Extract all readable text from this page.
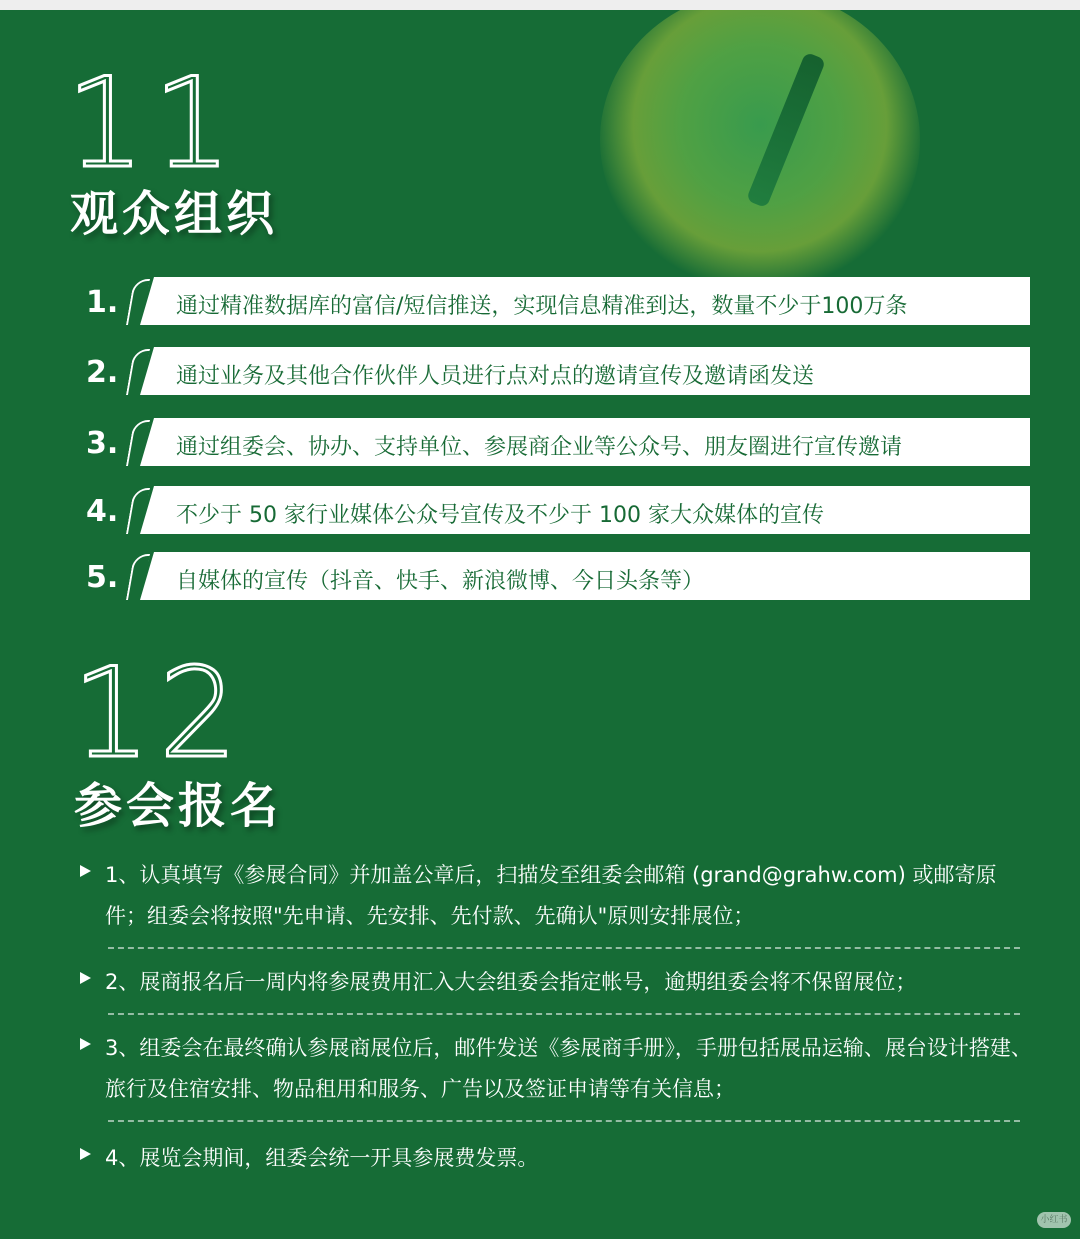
11
观众组织
1.	通过精准数据库的富信/短信推送，实现信息精准到达，数量不少于100万条
2.	通过业务及其他合作伙伴人员进行点对点的邀请宣传及邀请函发送
3.	通过组委会、协办、支持单位、参展商企业等公众号、朋友圈进行宣传邀请
4.	不少于 50 家行业媒体公众号宣传及不少于 100 家大众媒体的宣传
5.	自媒体的宣传（抖音、快手、新浪微博、今日头条等）
12
参会报名
1、认真填写《参展合同》并加盖公章后，扫描发至组委会邮箱 (grand@grahw.com) 或邮寄原件；组委会将按照"先申请、先安排、先付款、先确认"原则安排展位；
2、展商报名后一周内将参展费用汇入大会组委会指定帐号，逾期组委会将不保留展位；
3、组委会在最终确认参展商展位后，邮件发送《参展商手册》，手册包括展品运输、展台设计搭建、旅行及住宿安排、物品租用和服务、广告以及签证申请等有关信息；
4、展览会期间，组委会统一开具参展费发票。
小红书
